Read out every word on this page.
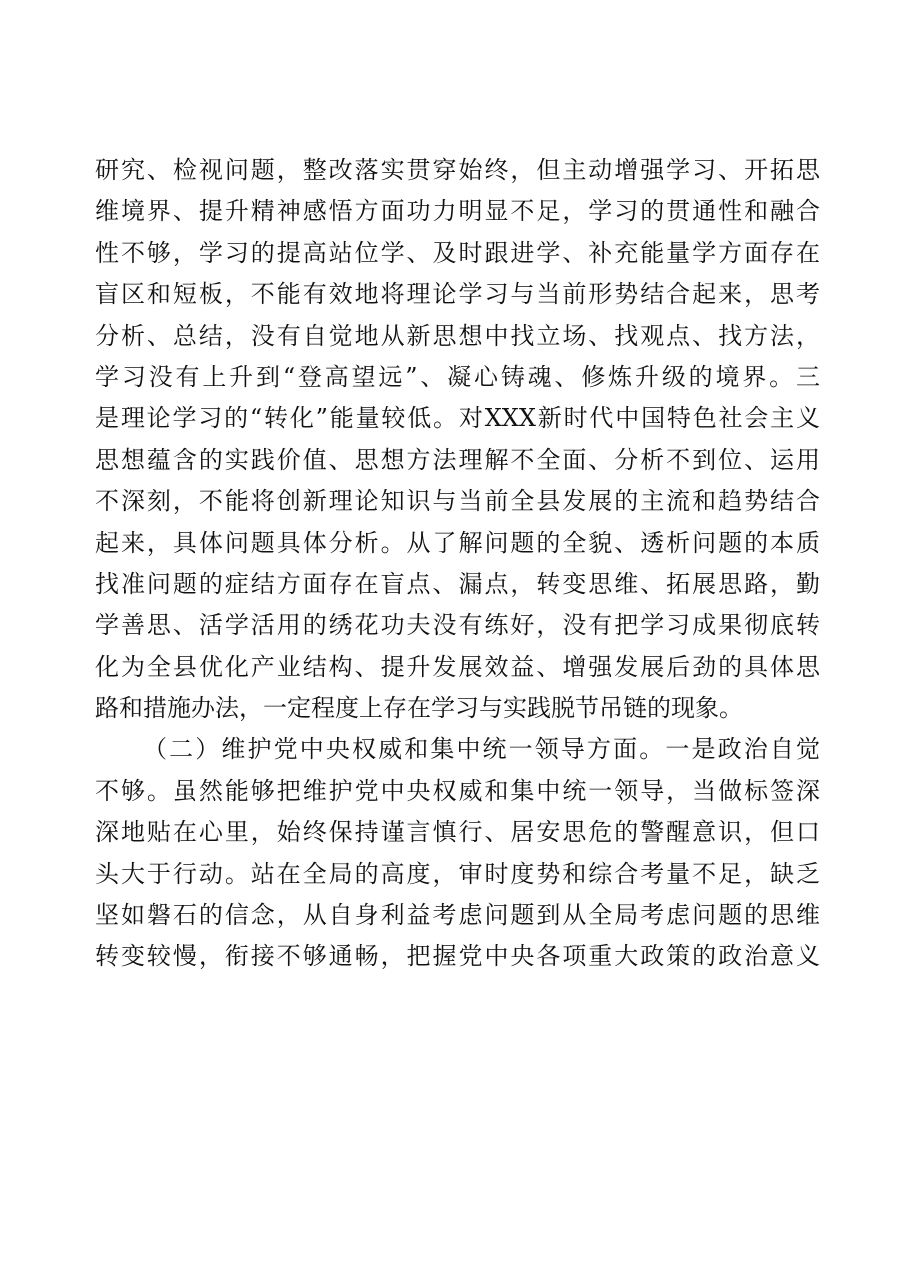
研究、检视问题，整改落实贯穿始终，但主动增强学习、开拓思
维境界、提升精神感悟方面功力明显不足，学习的贯通性和融合
性不够，学习的提高站位学、及时跟进学、补充能量学方面存在
盲区和短板，不能有效地将理论学习与当前形势结合起来，思考
分析、总结，没有自觉地从新思想中找立场、找观点、找方法，
学习没有上升到“登高望远”、凝心铸魂、修炼升级的境界。三
是理论学习的“转化”能量较低。对XXX新时代中国特色社会主义
思想蕴含的实践价值、思想方法理解不全面、分析不到位、运用
不深刻，不能将创新理论知识与当前全县发展的主流和趋势结合
起来，具体问题具体分析。从了解问题的全貌、透析问题的本质
找准问题的症结方面存在盲点、漏点，转变思维、拓展思路，勤
学善思、活学活用的绣花功夫没有练好，没有把学习成果彻底转
化为全县优化产业结构、提升发展效益、增强发展后劲的具体思
路和措施办法，一定程度上存在学习与实践脱节吊链的现象。
（二）维护党中央权威和集中统一领导方面。一是政治自觉
不够。虽然能够把维护党中央权威和集中统一领导，当做标签深
深地贴在心里，始终保持谨言慎行、居安思危的警醒意识，但口
头大于行动。站在全局的高度，审时度势和综合考量不足，缺乏
坚如磐石的信念，从自身利益考虑问题到从全局考虑问题的思维
转变较慢，衔接不够通畅，把握党中央各项重大政策的政治意义
